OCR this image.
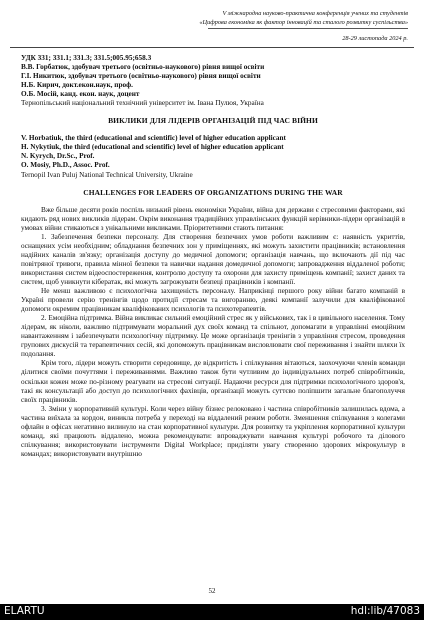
V міжнародна науково-практична конференція учених та студентів
«Цифрова економіка як фактор інновацій та сталого розвитку суспільства»
28-29 листопада 2024 р.
УДК 331; 331.1; 331.3; 331.5;005.95;658.3
В.В. Горбатюк, здобувач третього (освітньо-наукового) рівня вищої освіти
Г.І. Никитюк, здобувач третього (освітньо-наукового) рівня вищої освіти
Н.Б. Кирич, докт.екон.наук, проф.
О.Б. Мосій, канд. екон. наук, доцент
Тернопільський національний технічний університет ім. Івана Пулюя, Україна
ВИКЛИКИ ДЛЯ ЛІДЕРІВ ОРГАНІЗАЦІЙ ПІД ЧАС ВІЙНИ
V. Horbatiuk, the third (educational and scientific) level of higher education applicant
H. Nykytiuk, the third (educational and scientific) level of higher education applicant
N. Kyrych, Dr.Sc., Prof.
O. Mosiy, Ph.D., Assoc. Prof.
Ternopil Ivan Puluj National Technical University, Ukraine
CHALLENGES FOR LEADERS OF ORGANIZATIONS DURING THE WAR

Вже більше десяти років поспіль низький рівень економіки України, війна для держави є стресовими факторами, які кидають ряд нових викликів лідерам. Окрім виконання традиційних управлінських функцій керівники-лідери організацій в умовах війни стикаються з унікальними викликами. Пріоритетними стають питання:

1. Забезпечення безпеки персоналу. Для створення безпечних умов роботи важливим є: наявність укриттів, оснащених усім необхідним; обладнання безпечних зон у приміщеннях, які можуть захистити працівників; встановлення надійних каналів зв'язку; організація доступу до медичної допомоги; організація навчань, що включають дії під час повітряної тривоги, правила мінної безпеки та навички надання домедичної допомоги; запровадження віддаленої роботи; використання систем відеоспостереження, контролю доступу та охорони для захисту приміщень компанії; захист даних та систем, щоб уникнути кібератак, які можуть загрожувати безпеці працівників і компанії.

Не менш важливою є психологічна захищеність персоналу. Наприкінці першого року війни багато компаній в Україні провели серію тренінгів щодо протидії стресам та вигоранню, деякі компанії залучили для кваліфікованої допомоги окремим працівникам кваліфікованих психологів та психотерапевтів.

2. Емоційна підтримка. Війна викликає сильний емоційний стрес як у військових, так і в цивільного населення. Тому лідерам, як ніколи, важливо підтримувати моральний дух своїх команд та спільнот, допомагати в управлінні емоційним навантаженням і забезпечувати психологічну підтримку. Це може організація тренінгів з управління стресом, проведення групових дискусій та терапевтичних сесій, які допоможуть працівникам висловлювати свої переживання і знайти шляхи їх подолання.

Крім того, лідери можуть створити середовище, де відкритість і спілкування вітаються, заохочуючи членів команди ділитися своїми почуттями і переживаннями. Важливо також бути чутливим до індивідуальних потреб співробітників, оскільки кожен може по-різному реагувати на стресові ситуації. Надаючи ресурси для підтримки психологічного здоров'я, такі як консультації або доступ до психологічних фахівців, організації можуть суттєво поліпшити загальне благополуччя своїх працівників.

3. Зміни у корпоративній культурі. Коли через війну бізнес релоковано і частина співробітників залишилась вдома, а частина виїхала за кордон, виникла потреба у переході на віддалений режим роботи. Зменшення спілкування з колегами офлайн в офісах негативно вилинуло на стан корпоративної культури. Для розвитку та укріплення корпоративної культури команд, які працюють віддалено, можна рекомендувати: впроваджувати навчання культурі робочого та ділового спілкування; використовувати інструменти Digital Workplace; приділяти увагу створенню здорових мікрокультур в командах; використовувати внутрішню

52
ELARTU	hdl:lib/47083
